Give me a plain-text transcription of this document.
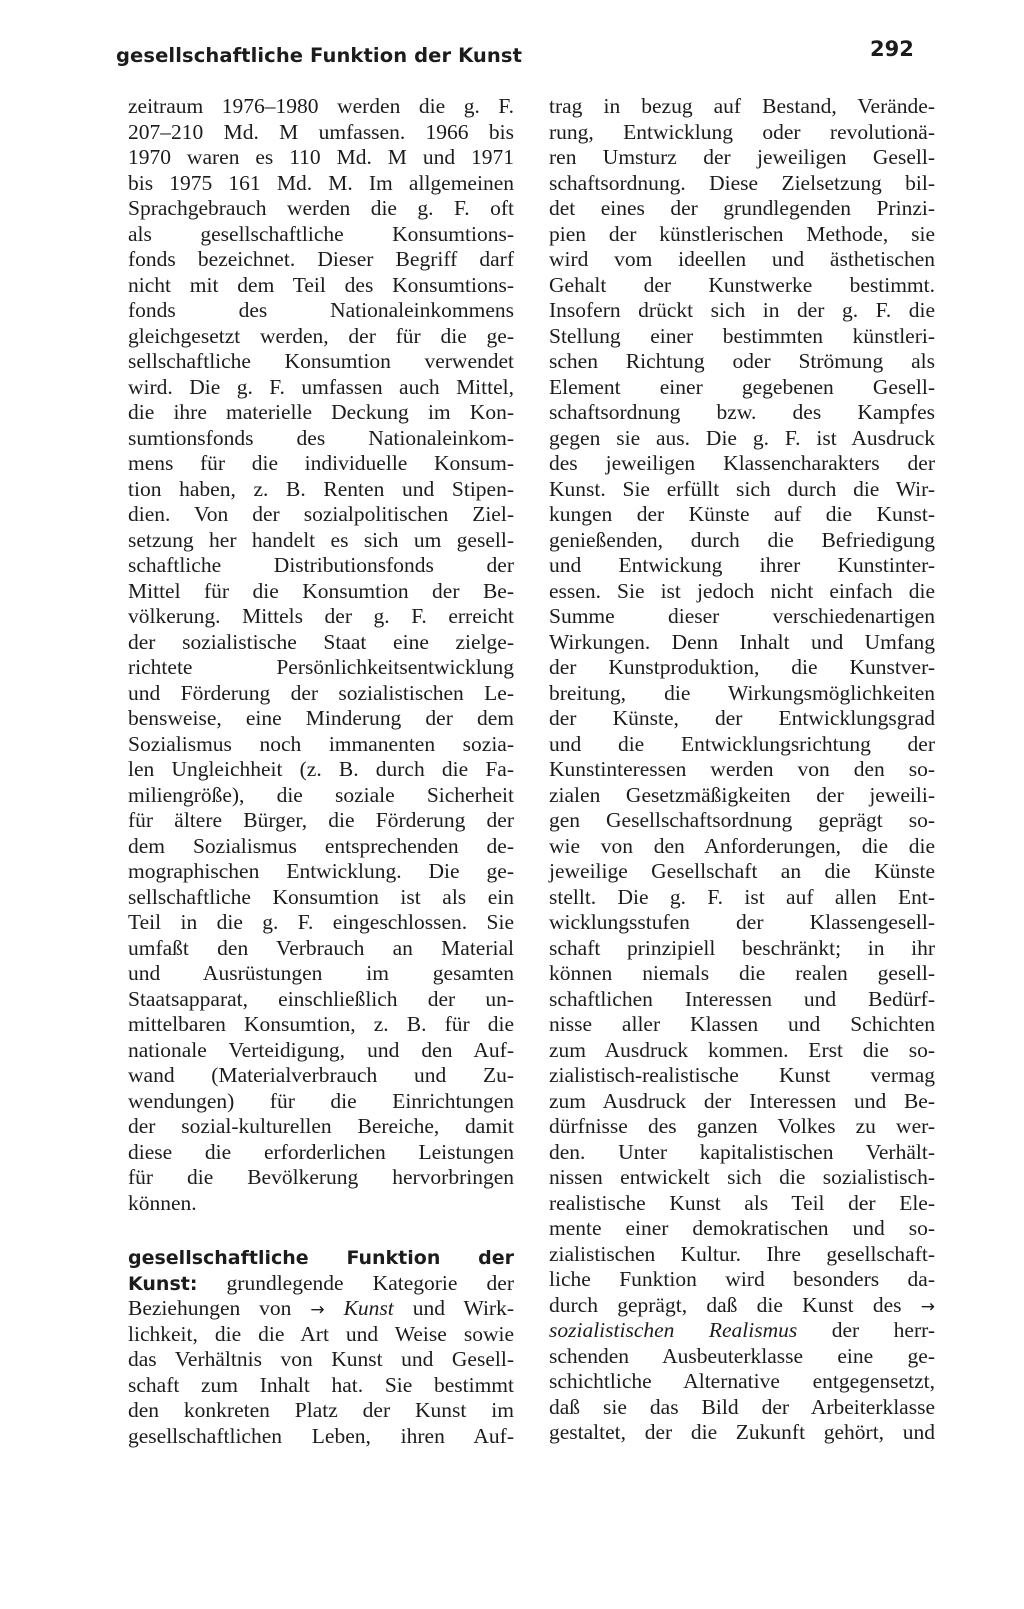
gesellschaftliche Funktion der Kunst	292
zeitraum 1976–1980 werden die g. F.
207–210 Md. M umfassen. 1966 bis
1970 waren es 110 Md. M und 1971
bis 1975 161 Md. M. Im allgemeinen
Sprachgebrauch werden die g. F. oft
als gesellschaftliche Konsumtions-
fonds bezeichnet. Dieser Begriff darf
nicht mit dem Teil des Konsumtions-
fonds des Nationaleinkommens
gleichgesetzt werden, der für die ge-
sellschaftliche Konsumtion verwendet
wird. Die g. F. umfassen auch Mittel,
die ihre materielle Deckung im Kon-
sumtionsfonds des Nationaleinkom-
mens für die individuelle Konsum-
tion haben, z. B. Renten und Stipen-
dien. Von der sozialpolitischen Ziel-
setzung her handelt es sich um gesell-
schaftliche Distributionsfonds der
Mittel für die Konsumtion der Be-
völkerung. Mittels der g. F. erreicht
der sozialistische Staat eine zielge-
richtete Persönlichkeitsentwicklung
und Förderung der sozialistischen Le-
bensweise, eine Minderung der dem
Sozialismus noch immanenten sozia-
len Ungleichheit (z. B. durch die Fa-
miliengröße), die soziale Sicherheit
für ältere Bürger, die Förderung der
dem Sozialismus entsprechenden de-
mographischen Entwicklung. Die ge-
sellschaftliche Konsumtion ist als ein
Teil in die g. F. eingeschlossen. Sie
umfaßt den Verbrauch an Material
und Ausrüstungen im gesamten
Staatsapparat, einschließlich der un-
mittelbaren Konsumtion, z. B. für die
nationale Verteidigung, und den Auf-
wand (Materialverbrauch und Zu-
wendungen) für die Einrichtungen
der sozial-kulturellen Bereiche, damit
diese die erforderlichen Leistungen
für die Bevölkerung hervorbringen
können.
gesellschaftliche Funktion der
Kunst: grundlegende Kategorie der
Beziehungen von → Kunst und Wirk-
lichkeit, die die Art und Weise sowie
das Verhältnis von Kunst und Gesell-
schaft zum Inhalt hat. Sie bestimmt
den konkreten Platz der Kunst im
gesellschaftlichen Leben, ihren Auf-
trag in bezug auf Bestand, Verände-
rung, Entwicklung oder revolutionä-
ren Umsturz der jeweiligen Gesell-
schaftsordnung. Diese Zielsetzung bil-
det eines der grundlegenden Prinzi-
pien der künstlerischen Methode, sie
wird vom ideellen und ästhetischen
Gehalt der Kunstwerke bestimmt.
Insofern drückt sich in der g. F. die
Stellung einer bestimmten künstleri-
schen Richtung oder Strömung als
Element einer gegebenen Gesell-
schaftsordnung bzw. des Kampfes
gegen sie aus. Die g. F. ist Ausdruck
des jeweiligen Klassencharakters der
Kunst. Sie erfüllt sich durch die Wir-
kungen der Künste auf die Kunst-
genießenden, durch die Befriedigung
und Entwickung ihrer Kunstinter-
essen. Sie ist jedoch nicht einfach die
Summe dieser verschiedenartigen
Wirkungen. Denn Inhalt und Umfang
der Kunstproduktion, die Kunstver-
breitung, die Wirkungsmöglichkeiten
der Künste, der Entwicklungsgrad
und die Entwicklungsrichtung der
Kunstinteressen werden von den so-
zialen Gesetzmäßigkeiten der jeweili-
gen Gesellschaftsordnung geprägt so-
wie von den Anforderungen, die die
jeweilige Gesellschaft an die Künste
stellt. Die g. F. ist auf allen Ent-
wicklungsstufen der Klassengesell-
schaft prinzipiell beschränkt; in ihr
können niemals die realen gesell-
schaftlichen Interessen und Bedürf-
nisse aller Klassen und Schichten
zum Ausdruck kommen. Erst die so-
zialistisch-realistische Kunst vermag
zum Ausdruck der Interessen und Be-
dürfnisse des ganzen Volkes zu wer-
den. Unter kapitalistischen Verhält-
nissen entwickelt sich die sozialistisch-
realistische Kunst als Teil der Ele-
mente einer demokratischen und so-
zialistischen Kultur. Ihre gesellschaft-
liche Funktion wird besonders da-
durch geprägt, daß die Kunst des →
sozialistischen Realismus der herr-
schenden Ausbeuterklasse eine ge-
schichtliche Alternative entgegensetzt,
daß sie das Bild der Arbeiterklasse
gestaltet, der die Zukunft gehört, und
